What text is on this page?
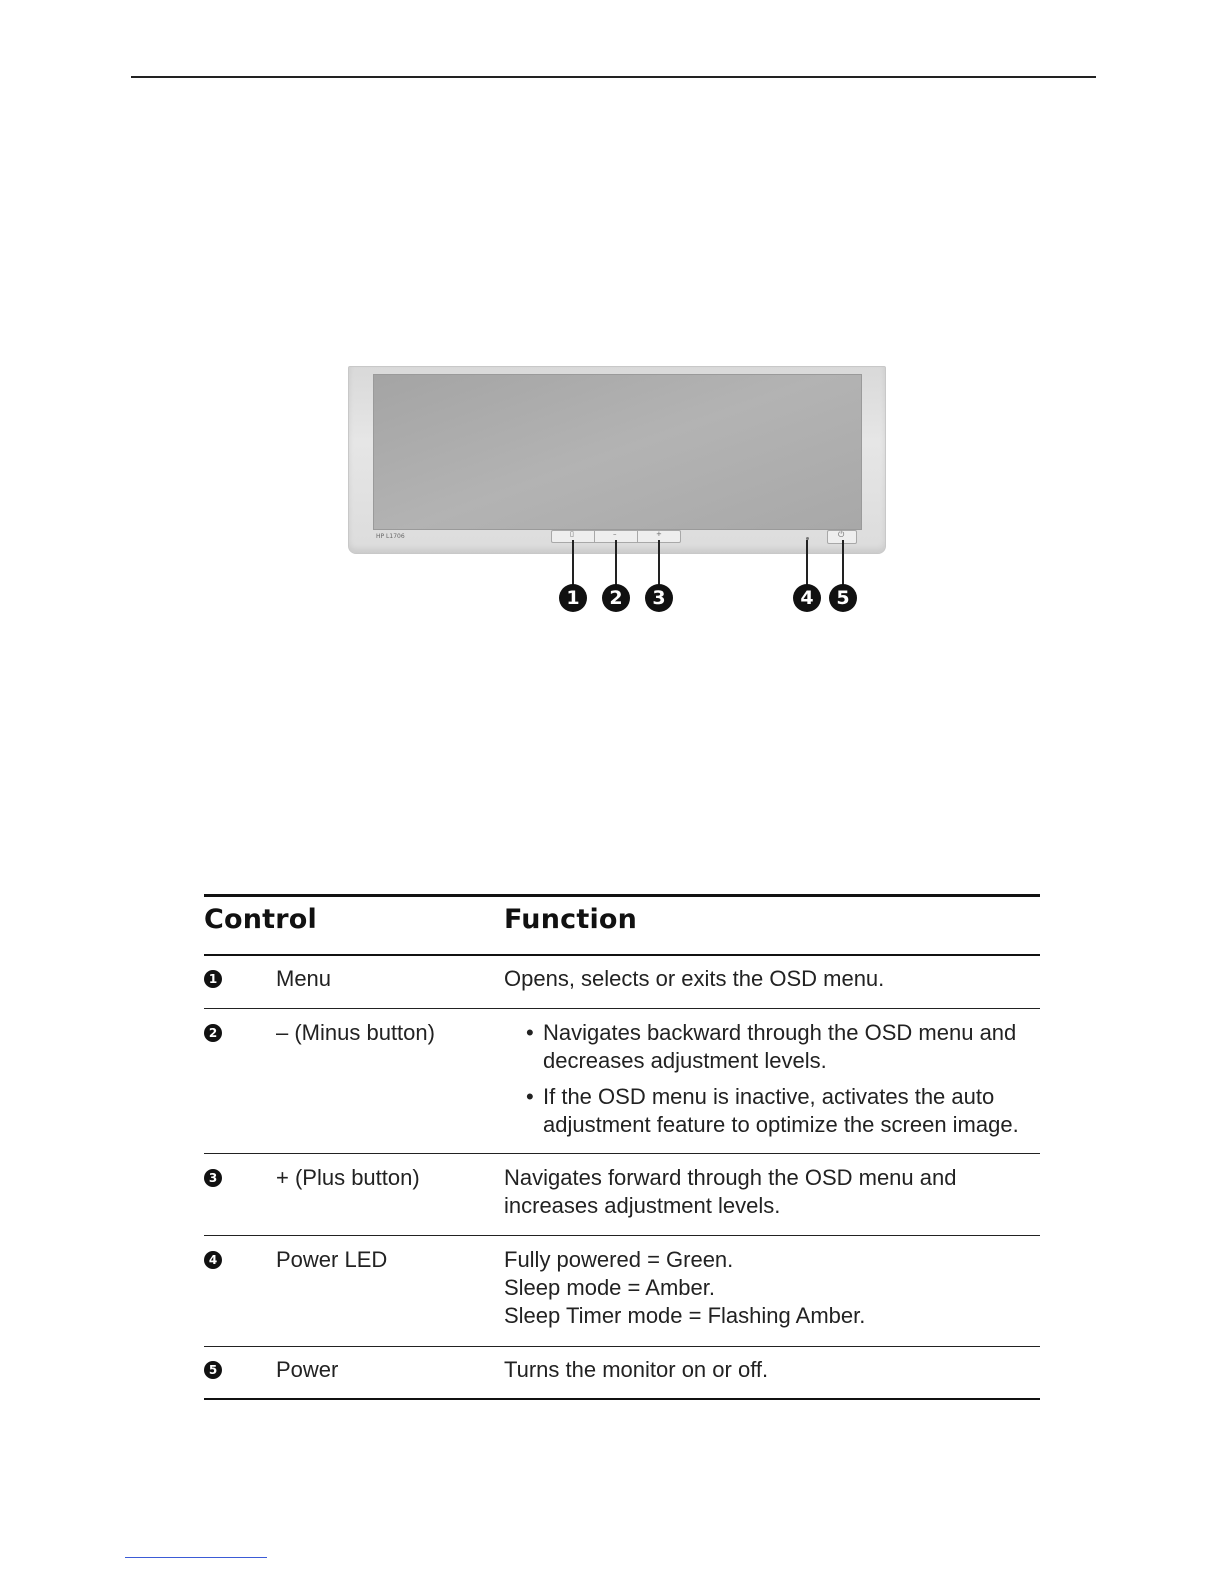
HP L1706	▯	–	+	⏻
1	2	3	4	5
Control	Function
1	Menu	Opens, selects or exits the OSD menu.
2	– (Minus button)
•	Navigates backward through the OSD menu and decreases adjustment levels.
• If the OSD menu is inactive, activates the auto adjustment feature to optimize the screen image.
3	+ (Plus button)	Navigates forward through the OSD menu and increases adjustment levels.
4	Power LED	Fully powered = Green.
Sleep mode = Amber.
Sleep Timer mode = Flashing Amber.
5	Power	Turns the monitor on or off.
